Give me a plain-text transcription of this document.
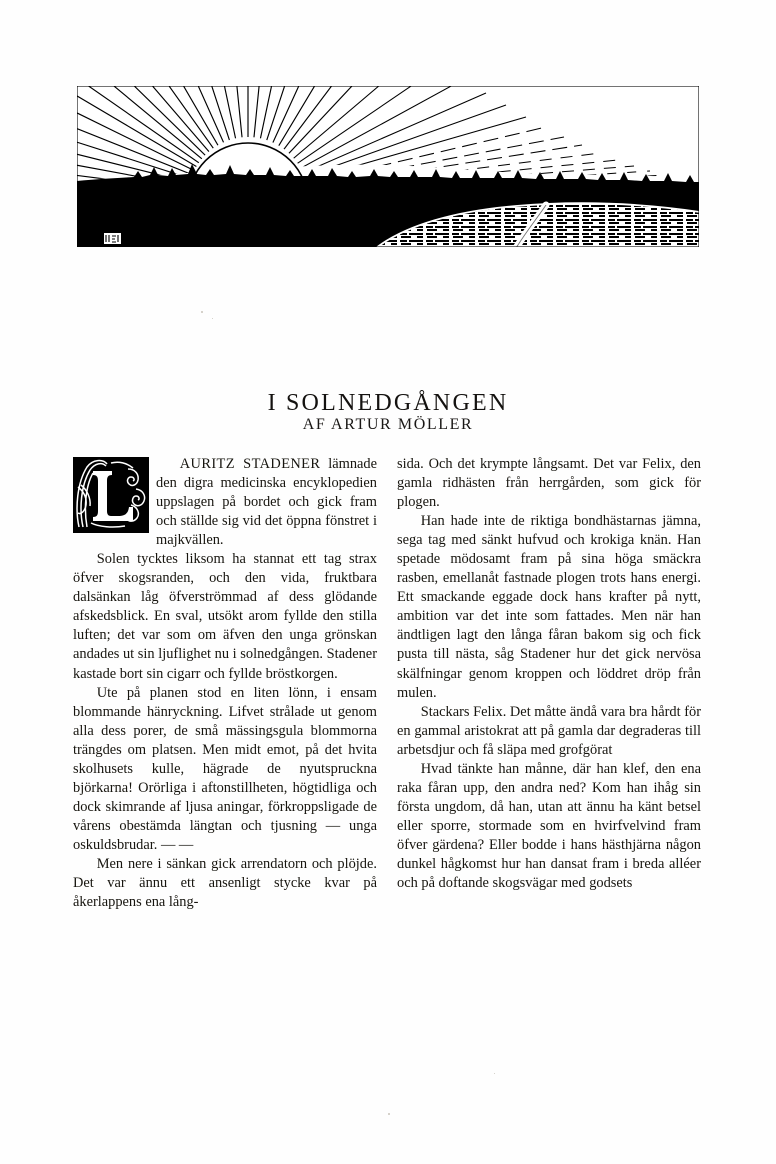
I SOLNEDGÅNGEN
AF ARTUR MÖLLER

AURITZ STADENER lämnade den digra medicinska encyklopedien uppslagen på bordet och gick fram och ställde sig vid det öppna fönstret i majkvällen.

Solen tycktes liksom ha stannat ett tag strax öfver skogsranden, och den vida, fruktbara dalsänkan låg öfverströmmad af dess glödande afskedsblick. En sval, utsökt arom fyllde den stilla luften; det var som om äfven den unga grönskan andades ut sin ljuflighet nu i solnedgången. Stadener kastade bort sin cigarr och fyllde bröstkorgen.

Ute på planen stod en liten lönn, i ensam blommande hänryckning. Lifvet strålade ut genom alla dess porer, de små mässingsgula blommorna trängdes om platsen. Men midt emot, på det hvita skolhusets kulle, hägrade de nyutspruckna björkarna! Orörliga i aftonstillheten, högtidliga och dock skimrande af ljusa aningar, förkroppsligade de vårens obestämda längtan och tjusning — unga oskuldsbrudar. — —

Men nere i sänkan gick arrendatorn och plöjde. Det var ännu ett ansenligt stycke kvar på åkerlappens ena lång-

sida. Och det krympte långsamt. Det var Felix, den gamla ridhästen från herrgården, som gick för plogen.

Han hade inte de riktiga bondhästarnas jämna, sega tag med sänkt hufvud och krokiga knän. Han spetade mödosamt fram på sina höga smäckra rasben, emellanåt fastnade plogen trots hans energi. Ett smackande eggade dock hans krafter på nytt, ambition var det inte som fattades. Men när han ändtligen lagt den långa fåran bakom sig och fick pusta till nästa, såg Stadener hur det gick nervösa skälfningar genom kroppen och löddret dröp från mulen.

Stackars Felix. Det måtte ändå vara bra hårdt för en gammal aristokrat att på gamla dar degraderas till arbetsdjur och få släpa med grofgörat

Hvad tänkte han månne, där han klef, den ena raka fåran upp, den andra ned? Kom han ihåg sin första ungdom, då han, utan att ännu ha känt betsel eller sporre, stormade som en hvirfvelvind fram öfver gärdena? Eller bodde i hans hästhjärna någon dunkel hågkomst hur han dansat fram i breda alléer och på doftande skogsvägar med godsets
